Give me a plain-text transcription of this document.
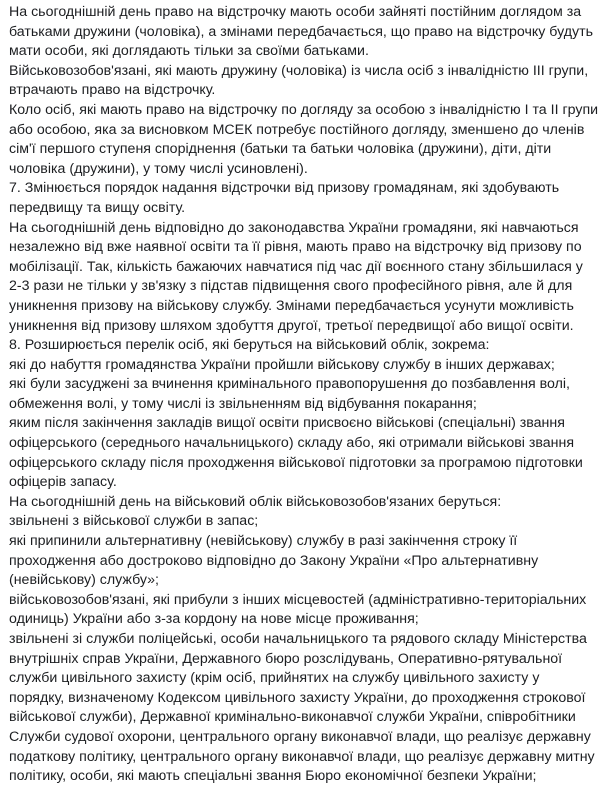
На сьогоднішній день право на відстрочку мають особи зайняті постійним доглядом за
батьками дружини (чоловіка), а змінами передбачається, що право на відстрочку будуть
мати особи, які доглядають тільки за своїми батьками.
Військовозобов'язані, які мають дружину (чоловіка) із числа осіб з інвалідністю III групи,
втрачають право на відстрочку.
Коло осіб, які мають право на відстрочку по догляду за особою з інвалідністю І та ІІ групи
або особою, яка за висновком МСЕК потребує постійного догляду, зменшено до членів
сім'ї першого ступеня споріднення (батьки та батьки чоловіка (дружини), діти, діти
чоловіка (дружини), у тому числі усиновлені).
7. Змінюється порядок надання відстрочки від призову громадянам, які здобувають
передвищу та вищу освіту.
На сьогоднішній день відповідно до законодавства України громадяни, які навчаються
незалежно від вже наявної освіти та її рівня, мають право на відстрочку від призову по
мобілізації. Так, кількість бажаючих навчатися під час дії воєнного стану збільшилася у
2-3 рази не тільки у зв'язку з підстав підвищення свого професійного рівня, але й для
уникнення призову на військову службу. Змінами передбачається усунути можливість
уникнення від призову шляхом здобуття другої, третьої передвищої або вищої освіти.
8. Розширюється перелік осіб, які беруться на військовий облік, зокрема:
які до набуття громадянства України пройшли військову службу в інших державах;
які були засуджені за вчинення кримінального правопорушення до позбавлення волі,
обмеження волі, у тому числі із звільненням від відбування покарання;
яким після закінчення закладів вищої освіти присвоєно військові (спеціальні) звання
офіцерського (середнього начальницького) складу або, які отримали військові звання
офіцерського складу після проходження військової підготовки за програмою підготовки
офіцерів запасу.
На сьогоднішній день на військовий облік військовозобов'язаних беруться:
звільнені з військової служби в запас;
які припинили альтернативну (невійськову) службу в разі закінчення строку її
проходження або достроково відповідно до Закону України «Про альтернативну
(невійськову) службу»;
військовозобов'язані, які прибули з інших місцевостей (адміністративно-територіальних
одиниць) України або з-за кордону на нове місце проживання;
звільнені зі служби поліцейські, особи начальницького та рядового складу Міністерства
внутрішніх справ України, Державного бюро розслідувань, Оперативно-рятувальної
служби цивільного захисту (крім осіб, прийнятих на службу цивільного захисту у
порядку, визначеному Кодексом цивільного захисту України, до проходження строкової
військової служби), Державної кримінально-виконавчої служби України, співробітники
Служби судової охорони, центрального органу виконавчої влади, що реалізує державну
податкову політику, центрального органу виконавчої влади, що реалізує державну митну
політику, особи, які мають спеціальні звання Бюро економічної безпеки України;
